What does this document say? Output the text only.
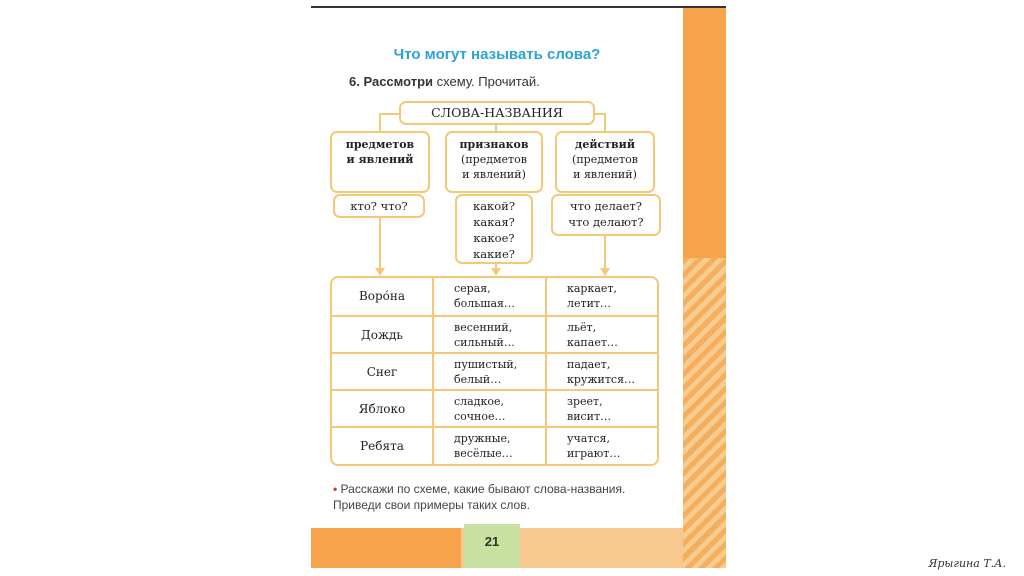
21
Что могут называть слова?
6. Рассмотри схему. Прочитай.
СЛОВА-НАЗВАНИЯ
предметов
и явлений
признаков
(предметов
и явлений)
действий
(предметов
и явлений)
кто? что?	какой?
какая?
какое?
какие?
что делает?
что делают?
Воро́на
серая,
большая…
каркает,
летит…
Дождь
весенний,
сильный…
льёт,
капает…
Снег
пушистый,
белый…
падает,
кружится…
Яблоко
сладкое,
сочное…
зреет,
висит…
Ребята
дружные,
весёлые…
учатся,
играют…
• Расскажи по схеме, какие бывают слова-названия. Приведи свои примеры таких слов.
Ярыгина Т.А.
